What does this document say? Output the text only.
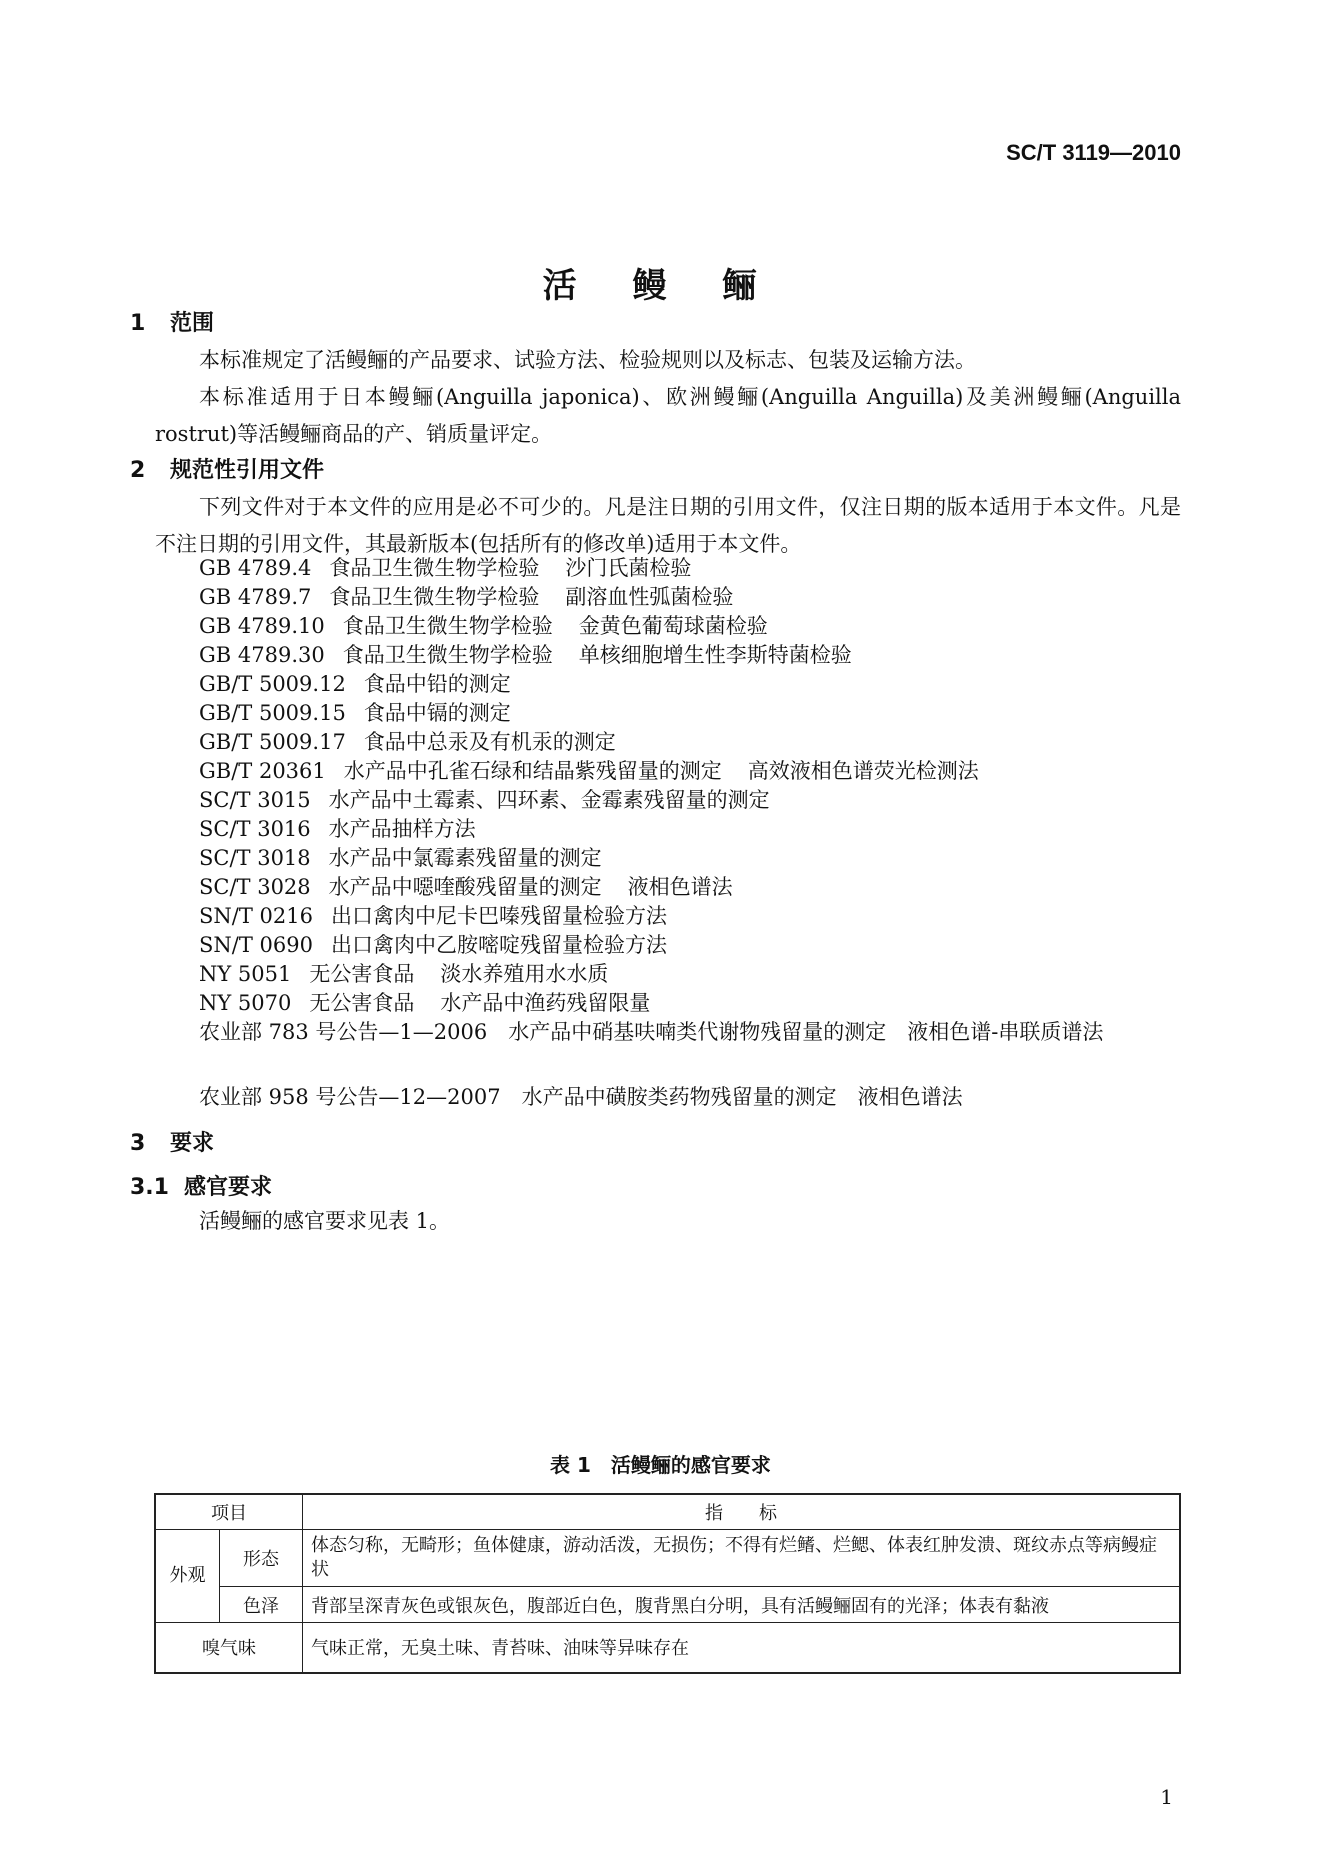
SC/T 3119—2010
活 鳗 鲡
1 范围
本标准规定了活鳗鲡的产品要求、试验方法、检验规则以及标志、包装及运输方法。
本标准适用于日本鳗鲡(Anguilla japonica)、欧洲鳗鲡(Anguilla Anguilla)及美洲鳗鲡(Anguilla rostrut)等活鳗鲡商品的产、销质量评定。
2 规范性引用文件
下列文件对于本文件的应用是必不可少的。凡是注日期的引用文件，仅注日期的版本适用于本文件。凡是不注日期的引用文件，其最新版本(包括所有的修改单)适用于本文件。
GB 4789.4 食品卫生微生物学检验 沙门氏菌检验
GB 4789.7 食品卫生微生物学检验 副溶血性弧菌检验
GB 4789.10 食品卫生微生物学检验 金黄色葡萄球菌检验
GB 4789.30 食品卫生微生物学检验 单核细胞增生性李斯特菌检验
GB/T 5009.12 食品中铅的测定
GB/T 5009.15 食品中镉的测定
GB/T 5009.17 食品中总汞及有机汞的测定
GB/T 20361 水产品中孔雀石绿和结晶紫残留量的测定 高效液相色谱荧光检测法
SC/T 3015 水产品中土霉素、四环素、金霉素残留量的测定
SC/T 3016 水产品抽样方法
SC/T 3018 水产品中氯霉素残留量的测定
SC/T 3028 水产品中噁喹酸残留量的测定 液相色谱法
SN/T 0216 出口禽肉中尼卡巴嗪残留量检验方法
SN/T 0690 出口禽肉中乙胺嘧啶残留量检验方法
NY 5051 无公害食品 淡水养殖用水水质
NY 5070 无公害食品 水产品中渔药残留限量
农业部 783 号公告—1—2006　水产品中硝基呋喃类代谢物残留量的测定　液相色谱-串联质谱法
农业部 958 号公告—12—2007　水产品中磺胺类药物残留量的测定　液相色谱法
3 要求
3.1 感官要求
活鳗鲡的感官要求见表 1。
表 1　活鳗鲡的感官要求
项目		指　　标
外观	形态	体态匀称，无畸形；鱼体健康，游动活泼，无损伤；不得有烂鳍、烂鳃、体表红肿发溃、斑纹赤点等病鳗症状
	色泽	背部呈深青灰色或银灰色，腹部近白色，腹背黑白分明，具有活鳗鲡固有的光泽；体表有黏液
嗅气味		气味正常，无臭土味、青苔味、油味等异味存在
1
